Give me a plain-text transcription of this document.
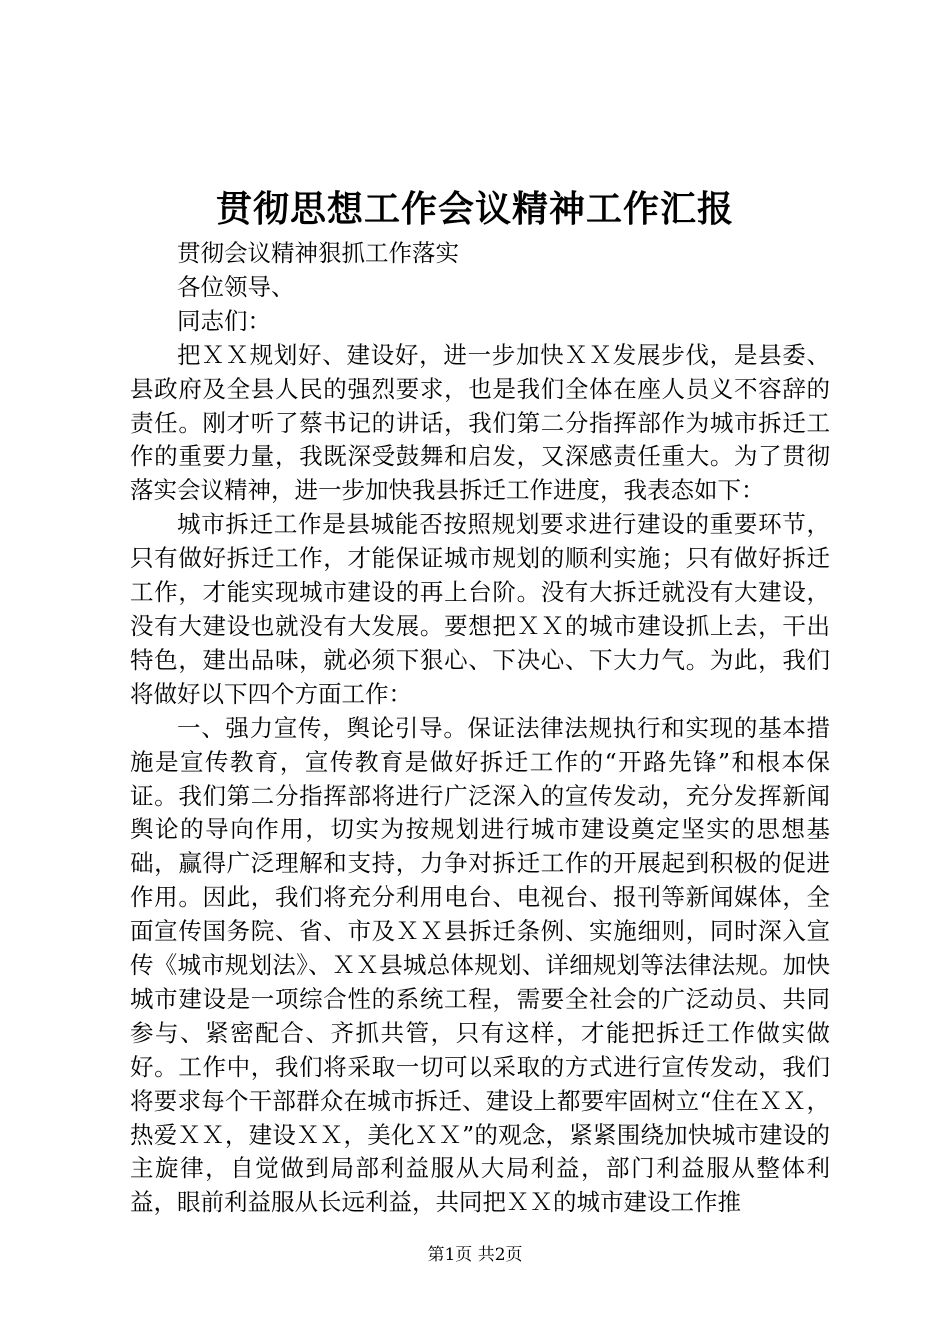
贯彻思想工作会议精神工作汇报

贯彻会议精神狠抓工作落实

各位领导、

同志们：

把ＸＸ规划好、建设好，进一步加快ＸＸ发展步伐，是县委、县政府及全县人民的强烈要求，也是我们全体在座人员义不容辞的责任。刚才听了蔡书记的讲话，我们第二分指挥部作为城市拆迁工作的重要力量，我既深受鼓舞和启发，又深感责任重大。为了贯彻落实会议精神，进一步加快我县拆迁工作进度，我表态如下：

城市拆迁工作是县城能否按照规划要求进行建设的重要环节，只有做好拆迁工作，才能保证城市规划的顺利实施；只有做好拆迁工作，才能实现城市建设的再上台阶。没有大拆迁就没有大建设，没有大建设也就没有大发展。要想把ＸＸ的城市建设抓上去，干出特色，建出品味，就必须下狠心、下决心、下大力气。为此，我们将做好以下四个方面工作：

一、强力宣传，舆论引导。保证法律法规执行和实现的基本措施是宣传教育，宣传教育是做好拆迁工作的“开路先锋”和根本保证。我们第二分指挥部将进行广泛深入的宣传发动，充分发挥新闻舆论的导向作用，切实为按规划进行城市建设奠定坚实的思想基础，赢得广泛理解和支持，力争对拆迁工作的开展起到积极的促进作用。因此，我们将充分利用电台、电视台、报刊等新闻媒体，全面宣传国务院、省、市及ＸＸ县拆迁条例、实施细则，同时深入宣传《城市规划法》、ＸＸ县城总体规划、详细规划等法律法规。加快城市建设是一项综合性的系统工程，需要全社会的广泛动员、共同参与、紧密配合、齐抓共管，只有这样，才能把拆迁工作做实做好。工作中，我们将采取一切可以采取的方式进行宣传发动，我们将要求每个干部群众在城市拆迁、建设上都要牢固树立“住在ＸＸ，热爱ＸＸ，建设ＸＸ，美化ＸＸ”的观念，紧紧围绕加快城市建设的主旋律，自觉做到局部利益服从大局利益，部门利益服从整体利益，眼前利益服从长远利益，共同把ＸＸ的城市建设工作推

第1页 共2页
